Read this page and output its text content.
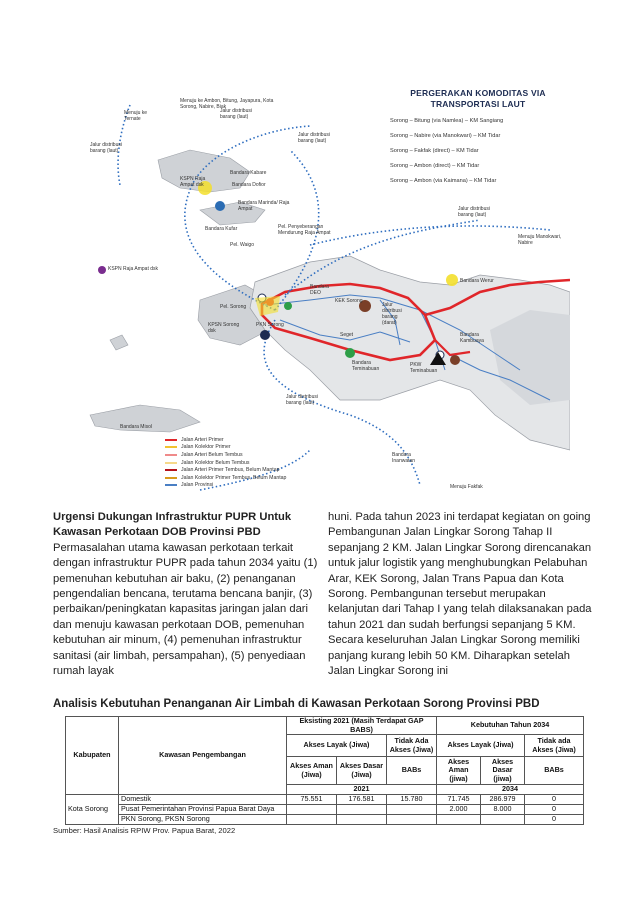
PERGERAKAN KOMODITAS VIA
TRANSPORTASI LAUT
Sorong – Bitung (via Namlea) – KM Sangiang
Sorong – Nabire (via Manokwari) – KM Tidar
Sorong – Fakfak (direct) – KM Tidar
Sorong – Ambon (direct) – KM Tidar
Sorong – Ambon (via Kaimana) – KM Tidar
Menuju ke Ternate
Menuju ke Ambon, Bitung, Jayapura, Kota Sorong, Nabire, Biak
Jalur distribusi barang (laut)
Jalur distribusi barang (laut)
Jalur distribusi barang (laut)
KSPN Raja Ampat dsk
Bandara Kabare
Bandara Dofior
Bandara Marinda/ Raja Ampat
Bandara Kufar	Pel. Penyeberangan Mendurung Raja Ampat
Pel. Waigo
Menuju Manokwari, Nabire
KSPN Raja Ampat dsk
Bandara DEO
KEK Sorong
Pel. Sorong
KPSN Sorong dsk
PKN Sorong
Jalur distribusi barang (darat)
Seget
Bandara Teminabuan
PKW Teminabuan
Bandara Werur
Bandara Kambuaya
Bandara Misol
Jalur distribusi barang (laut)
Jalur distribusi barang (laut)
Bandara Inanwatan
Menuju Fakfak
Jalan Arteri Primer
Jalan Kolektor Primer
Jalan Arteri Belum Tembus
Jalan Kolektor Belum Tembus
Jalan Arteri Primer Tembus, Belum Mantap
Jalan Kolektor Primer Tembus, Belum Mantap
Jalan Provinsi

Urgensi Dukungan Infrastruktur PUPR Untuk Kawasan Perkotaan DOB Provinsi PBD

Permasalahan utama kawasan perkotaan terkait dengan infrastruktur PUPR pada tahun 2034 yaitu (1) pemenuhan kebutuhan air baku, (2) penanganan pengendalian bencana, terutama bencana banjir, (3) perbaikan/peningkatan kapasitas jaringan jalan dari dan menuju kawasan perkotaan DOB, pemenuhan kebutuhan air minum, (4) pemenuhan infrastruktur sanitasi (air limbah, persampahan), (5) penyediaan rumah layak

huni. Pada tahun 2023 ini terdapat kegiatan on going Pembangunan Jalan Lingkar Sorong Tahap II sepanjang 2 KM. Jalan Lingkar Sorong direncanakan untuk jalur logistik yang menghubungkan Pelabuhan Arar, KEK Sorong, Jalan Trans Papua dan Kota Sorong. Pembangunan tersebut merupakan kelanjutan dari Tahap I yang telah dilaksanakan pada tahun 2021 dan sudah berfungsi sepanjang 5 KM. Secara keseluruhan Jalan Lingkar Sorong memiliki panjang kurang lebih 50 KM. Diharapkan setelah Jalan Lingkar Sorong ini

Analisis Kebutuhan Penanganan Air Limbah di Kawasan Perkotaan Sorong Provinsi PBD
Kabupaten	Kawasan Pengembangan	Eksisting 2021 (Masih Terdapat GAP BABS)			Kebutuhan Tahun 2034		
		Akses Layak (Jiwa)		Tidak Ada Akses (Jiwa)	Akses Layak (Jiwa)		Tidak ada Akses (Jiwa)
		Akses Aman (Jiwa)	Akses Dasar (Jiwa)	BABs	Akses Aman (jiwa)	Akses Dasar (jiwa)	BABs
		2021			2034		
Kota Sorong	Domestik	75.551	176.581	15.780	71.745	286.979	0
	Pusat Pemerintahan Provinsi Papua Barat Daya				2.000	8.000	0
	PKN Sorong, PKSN Sorong						0
Sumber: Hasil Analisis RPIW Prov. Papua Barat, 2022
